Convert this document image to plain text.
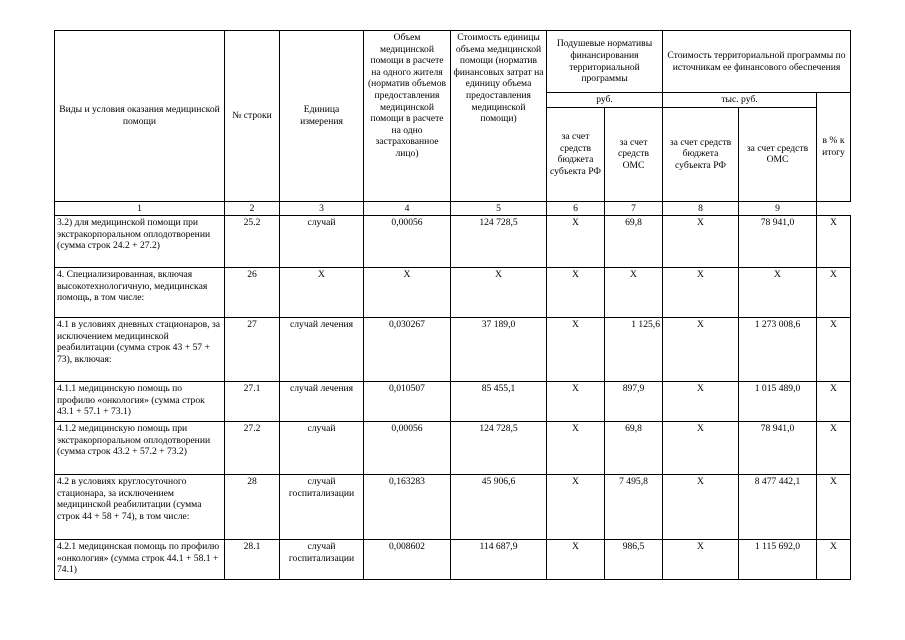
Виды и условия оказания медицинской помощи	№ строки	Единица измерения	Объем медицинской помощи в расчете на одного жителя (норматив объемов предоставления медицинской помощи в расчете на одно застрахованное лицо)	Стоимость единицы объема медицинской помощи (норматив финансовых затрат на единицу объема предоставления медицинской помощи)	Подушевые нормативы финансирования территориальной программы		Стоимость территориальной программы по источникам ее финансового обеспечения		
					руб.		тыс. руб.		в % к итогу
					за счет средств бюджета субъекта РФ	за счет средств ОМС	за счет средств бюджета субъекта РФ	за счет средств ОМС	
1	2	3	4	5	6	7	8	9
3.2) для медицинской помощи при экстракорпоральном оплодотворении (сумма строк 24.2 + 27.2)	25.2	случай	0,00056	124 728,5	Х	69,8	Х	78 941,0	Х
4. Специализированная, включая высокотехнологичную, медицинская помощь, в том числе:	26	Х	Х	Х	Х	Х	Х	Х	Х
4.1 в условиях дневных стационаров, за исключением медицинской реабилитации (сумма строк 43 + 57 + 73), включая:	27	случай лечения	0,030267	37 189,0	Х	1 125,6	Х	1 273 008,6	Х
4.1.1 медицинскую помощь по профилю «онкология» (сумма строк 43.1 + 57.1 + 73.1)	27.1	случай лечения	0,010507	85 455,1	Х	897,9	Х	1 015 489,0	Х
4.1.2 медицинскую помощь при экстракорпоральном оплодотворении (сумма строк 43.2 + 57.2 + 73.2)	27.2	случай	0,00056	124 728,5	Х	69,8	Х	78 941,0	Х
4.2 в условиях круглосуточного стационара, за исключением медицинской реабилитации (сумма строк 44 + 58 + 74), в том числе:	28	случай госпитализации	0,163283	45 906,6	Х	7 495,8	Х	8 477 442,1	Х
4.2.1 медицинская помощь по профилю «онкология» (сумма строк 44.1 + 58.1 + 74.1)	28.1	случай госпитализации	0,008602	114 687,9	Х	986,5	Х	1 115 692,0	Х
